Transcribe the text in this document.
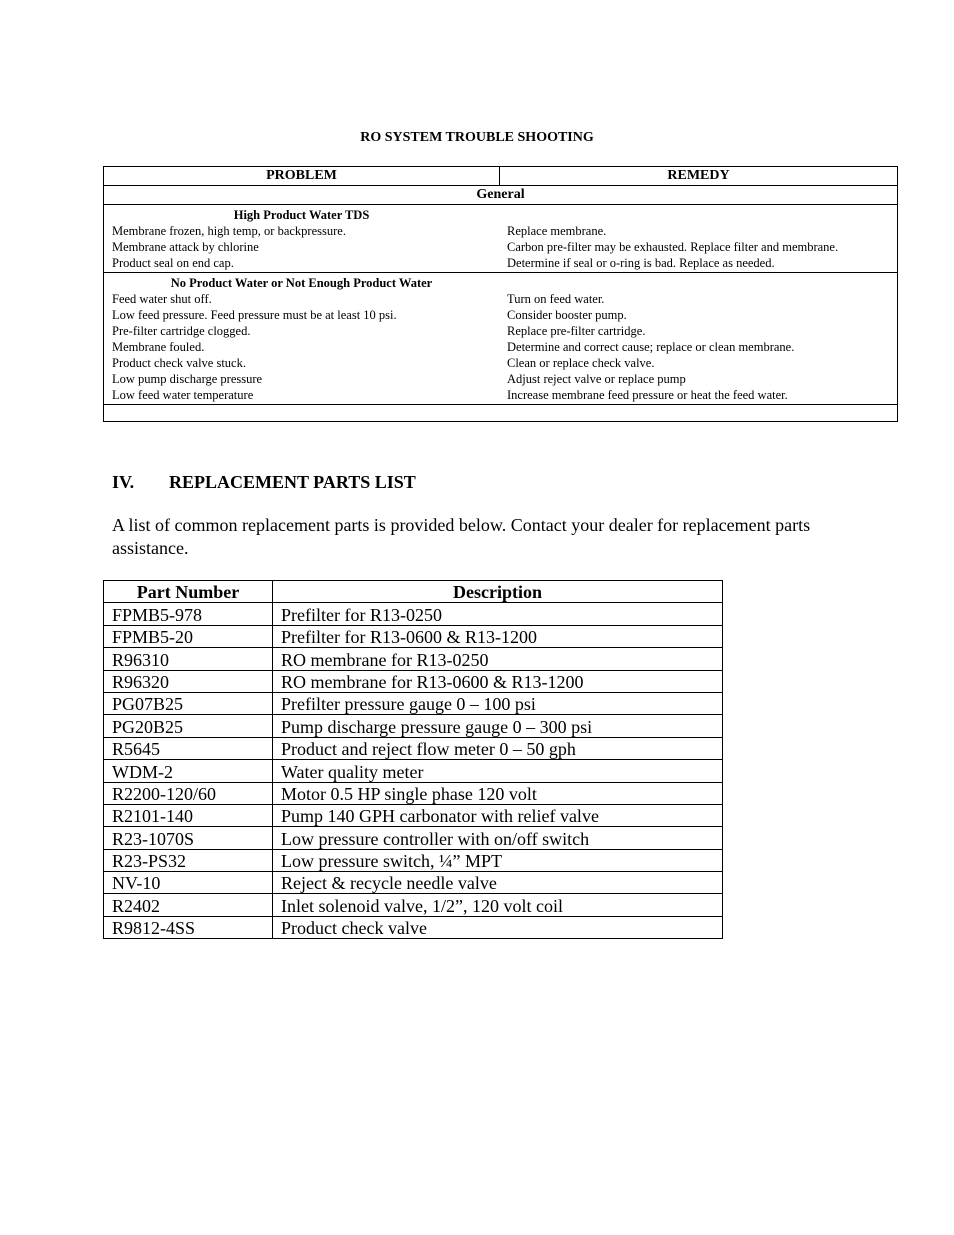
RO SYSTEM TROUBLE SHOOTING
PROBLEM	REMEDY
General

High Product Water TDS
Membrane frozen, high temp, or backpressure.	Replace membrane.
Membrane attack by chlorine	Carbon pre-filter may be exhausted. Replace filter and membrane.
Product seal on end cap.	Determine if seal or o-ring is bad. Replace as needed.

No Product Water or Not Enough Product Water
Feed water shut off.	Turn on feed water.
Low feed pressure. Feed pressure must be at least 10 psi.	Consider booster pump.
Pre-filter cartridge clogged.	Replace pre-filter cartridge.
Membrane fouled.	Determine and correct cause; replace or clean membrane.
Product check valve stuck.	Clean or replace check valve.
Low pump discharge pressure	Adjust reject valve or replace pump
Low feed water temperature	Increase membrane feed pressure or heat the feed water.

IV. REPLACEMENT PARTS LIST
A list of common replacement parts is provided below. Contact your dealer for replacement parts assistance.
Part Number	Description
FPMB5-978	Prefilter for R13-0250
FPMB5-20	Prefilter for R13-0600 & R13-1200
R96310	RO membrane for R13-0250
R96320	RO membrane for R13-0600 & R13-1200
PG07B25	Prefilter pressure gauge 0 – 100 psi
PG20B25	Pump discharge pressure gauge 0 – 300 psi
R5645	Product and reject flow meter 0 – 50 gph
WDM-2	Water quality meter
R2200-120/60	Motor 0.5 HP single phase 120 volt
R2101-140	Pump 140 GPH carbonator with relief valve
R23-1070S	Low pressure controller with on/off switch
R23-PS32	Low pressure switch, ¼” MPT
NV-10	Reject & recycle needle valve
R2402	Inlet solenoid valve, 1/2”, 120 volt coil
R9812-4SS	Product check valve
